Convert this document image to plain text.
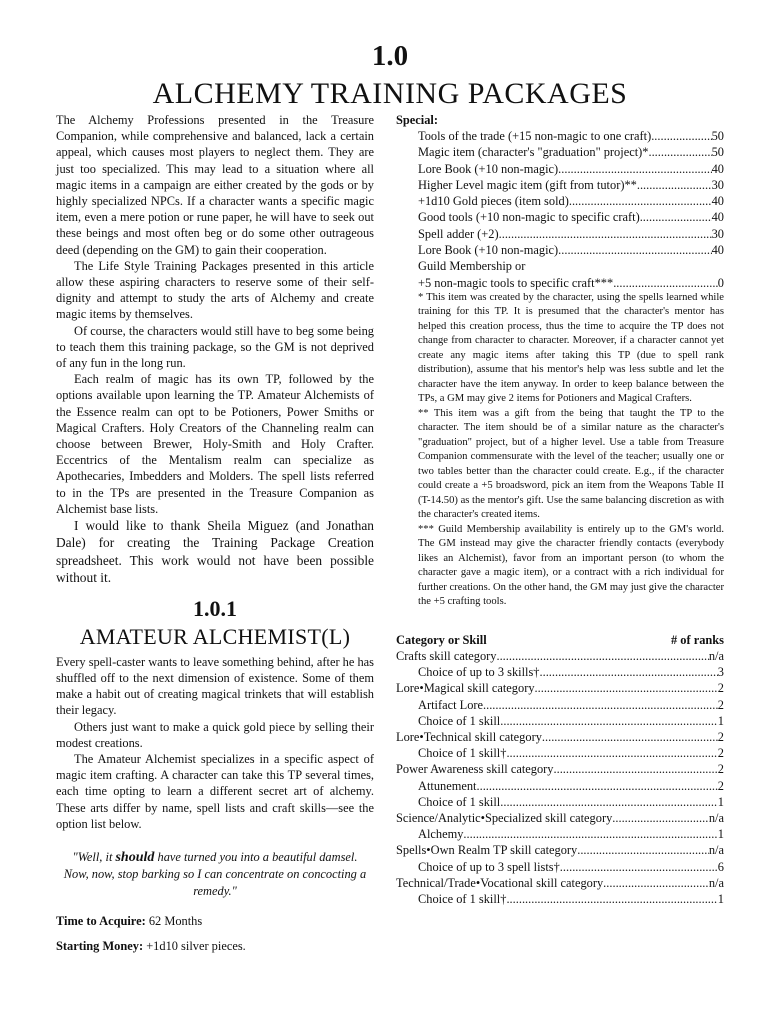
1.0
ALCHEMY TRAINING PACKAGES

The Alchemy Professions presented in the Treasure Companion, while comprehensive and balanced, lack a certain appeal, which causes most players to neglect them. They are just too specialized. This may lead to a situation where all magic items in a campaign are either created by the gods or by highly specialized NPCs. If a character wants a specific magic item, even a mere potion or rune paper, he will have to seek out these beings and most often beg or do some other outrageous deed (depending on the GM) to gain their cooperation.

The Life Style Training Packages presented in this article allow these aspiring characters to reserve some of their self-dignity and attempt to study the arts of Alchemy and create magic items by themselves.

Of course, the characters would still have to beg some being to teach them this training package, so the GM is not deprived of any fun in the long run.

Each realm of magic has its own TP, followed by the options available upon learning the TP. Amateur Alchemists of the Essence realm can opt to be Potioners, Power Smiths or Magical Crafters. Holy Creators of the Channeling realm can choose between Brewer, Holy-Smith and Holy Crafter. Eccentrics of the Mentalism realm can specialize as Apothecaries, Imbedders and Molders. The spell lists referred to in the TPs are presented in the Treasure Companion as Alchemist base lists.

I would like to thank Sheila Miguez (and Jonathan Dale) for creating the Training Package Creation spreadsheet. This work would not have been possible without it.

1.0.1
AMATEUR ALCHEMIST(L)

Every spell-caster wants to leave something behind, after he has shuffled off to the next dimension of existence. Some of them make a habit out of creating magical trinkets that will establish their legacy.

Others just want to make a quick gold piece by selling their modest creations.

The Amateur Alchemist specializes in a specific aspect of magic item crafting. A character can take this TP several times, each time opting to learn a different secret art of alchemy. These arts differ by name, spell lists and craft skills—see the option list below.

"Well, it should have turned you into a beautiful damsel. Now, now, stop barking so I can concentrate on concocting a remedy."
Time to Acquire: 62 Months
Starting Money: +1d10 silver pieces.
Special:
Tools of the trade (+15 non-magic to one craft) .....	50
Magic item (character's "graduation" project)* .....	50
Lore Book (+10 non-magic) .....	40
Higher Level magic item (gift from tutor)** .....	30
+1d10 Gold pieces (item sold) .....	40
Good tools (+10 non-magic to specific craft) .....	40
Spell adder (+2) .....	30
Lore Book (+10 non-magic) .....	40
Guild Membership or
+5 non-magic tools to specific craft*** .....	0

* This item was created by the character, using the spells learned while training for this TP. It is presumed that the character's mentor has helped this creation process, thus the time to acquire the TP does not change from character to character. Moreover, if a character cannot yet create any magic items after taking this TP (due to spell rank distribution), assume that his mentor's help was less subtle and let the character have the item anyway. In order to keep balance between the TPs, a GM may give 2 items for Potioners and Magical Crafters.

** This item was a gift from the being that taught the TP to the character. The item should be of a similar nature as the character's "graduation" project, but of a higher level. Use a table from Treasure Companion commensurate with the level of the teacher; usually one or two tables better than the character could create. E.g., if the character could create a +5 broadsword, pick an item from the Weapons Table II (T-14.50) as the mentor's gift. Use the same balancing discretion as with the character's created items.

*** Guild Membership availability is entirely up to the GM's world. The GM instead may give the character friendly contacts (everybody likes an Alchemist), favor from an important person (to whom the character gave a magic item), or a contract with a rich individual for further creations. On the other hand, the GM may just give the character the +5 crafting tools.

Category or Skill	# of ranks
Crafts skill category .....	n/a
Choice of up to 3 skills† .....	3
Lore•Magical skill category .....	2
Artifact Lore .....	2
Choice of 1 skill .....	1
Lore•Technical skill category .....	2
Choice of 1 skill† .....	2
Power Awareness skill category .....	2
Attunement .....	2
Choice of 1 skill .....	1
Science/Analytic•Specialized skill category .....	n/a
Alchemy .....	1
Spells•Own Realm TP skill category .....	n/a
Choice of up to 3 spell lists† .....	6
Technical/Trade•Vocational skill category .....	n/a
Choice of 1 skill† .....	1
